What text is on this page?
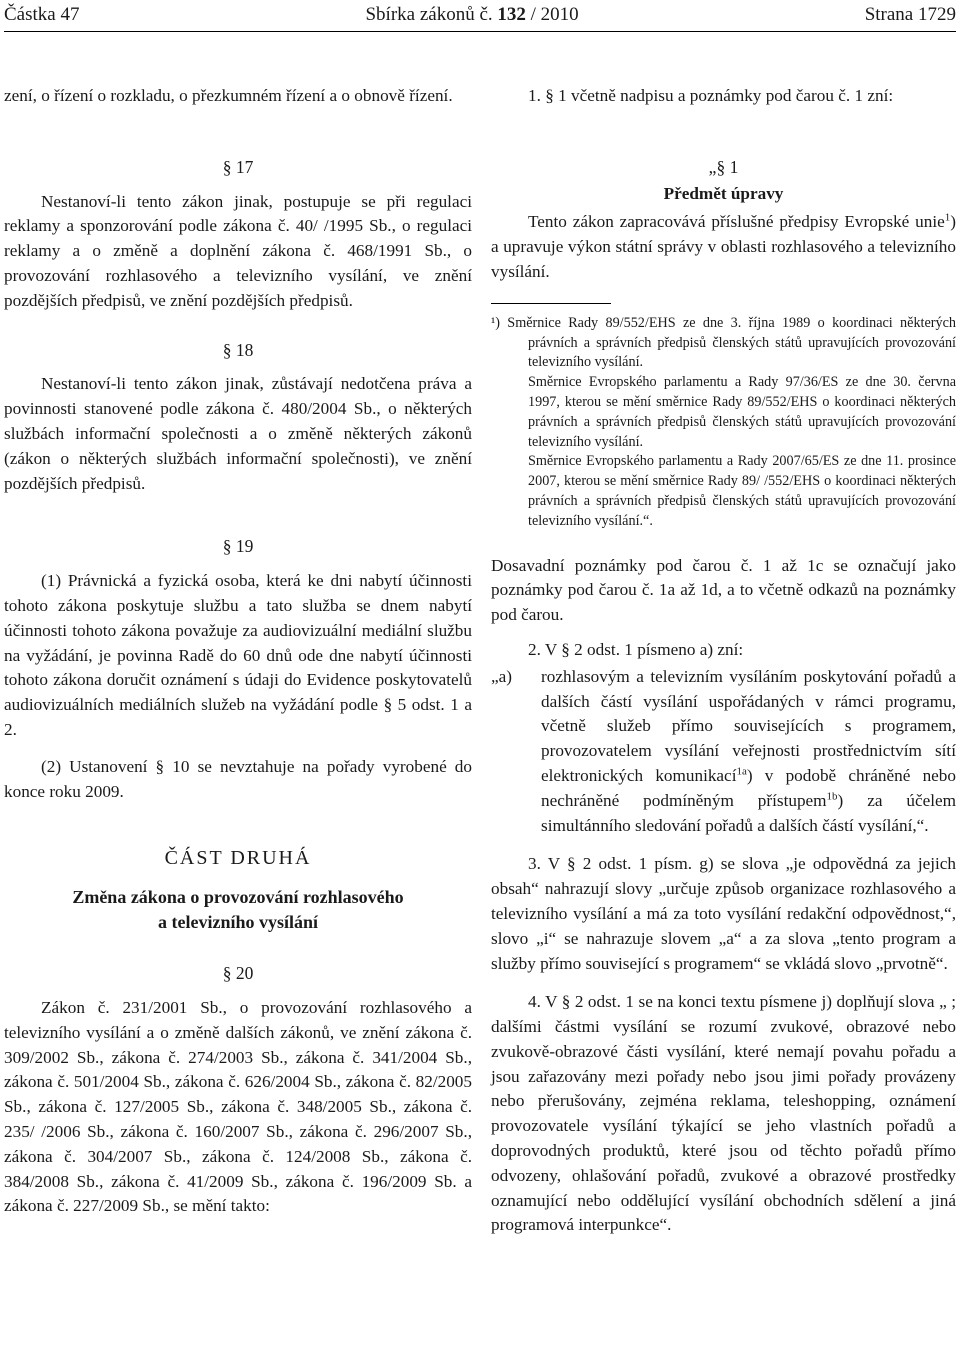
Částka 47	Sbírka zákonů č. 132 / 2010	Strana 1729

zení, o řízení o rozkladu, o přezkumném řízení a o obnově řízení.

§ 17

Nestanoví-li tento zákon jinak, postupuje se při regulaci reklamy a sponzorování podle zákona č. 40/ /1995 Sb., o regulaci reklamy a o změně a doplnění zákona č. 468/1991 Sb., o provozování rozhlasového a televizního vysílání, ve znění pozdějších předpisů, ve znění pozdějších předpisů.

§ 18

Nestanoví-li tento zákon jinak, zůstávají nedotčena práva a povinnosti stanovené podle zákona č. 480/2004 Sb., o některých službách informační společnosti a o změně některých zákonů (zákon o některých službách informační společnosti), ve znění pozdějších předpisů.

§ 19

(1) Právnická a fyzická osoba, která ke dni nabytí účinnosti tohoto zákona poskytuje službu a tato služba se dnem nabytí účinnosti tohoto zákona považuje za audiovizuální mediální službu na vyžádání, je povinna Radě do 60 dnů ode dne nabytí účinnosti tohoto zákona doručit oznámení s údaji do Evidence poskytovatelů audiovizuálních mediálních služeb na vyžádání podle § 5 odst. 1 a 2.

(2) Ustanovení § 10 se nevztahuje na pořady vyrobené do konce roku 2009.

ČÁST DRUHÁ
Změna zákona o provozování rozhlasového
a televizního vysílání
§ 20

Zákon č. 231/2001 Sb., o provozování rozhlasového a televizního vysílání a o změně dalších zákonů, ve znění zákona č. 309/2002 Sb., zákona č. 274/2003 Sb., zákona č. 341/2004 Sb., zákona č. 501/2004 Sb., zákona č. 626/2004 Sb., zákona č. 82/2005 Sb., zákona č. 127/2005 Sb., zákona č. 348/2005 Sb., zákona č. 235/ /2006 Sb., zákona č. 160/2007 Sb., zákona č. 296/2007 Sb., zákona č. 304/2007 Sb., zákona č. 124/2008 Sb., zákona č. 384/2008 Sb., zákona č. 41/2009 Sb., zákona č. 196/2009 Sb. a zákona č. 227/2009 Sb., se mění takto:

1. § 1 včetně nadpisu a poznámky pod čarou č. 1 zní:

„§ 1
Předmět úpravy

Tento zákon zapracovává příslušné předpisy Evropské unie$^1$) a upravuje výkon státní správy v oblasti rozhlasového a televizního vysílání.

¹) Směrnice Rady 89/552/EHS ze dne 3. října 1989 o koordinaci některých právních a správních předpisů členských států upravujících provozování televizního vysílání.
Směrnice Evropského parlamentu a Rady 97/36/ES ze dne 30. června 1997, kterou se mění směrnice Rady 89/552/EHS o koordinaci některých právních a správních předpisů členských států upravujících provozování televizního vysílání.
Směrnice Evropského parlamentu a Rady 2007/65/ES ze dne 11. prosince 2007, kterou se mění směrnice Rady 89/ /552/EHS o koordinaci některých právních a správních předpisů členských států upravujících provozování televizního vysílání.“.

Dosavadní poznámky pod čarou č. 1 až 1c se označují jako poznámky pod čarou č. 1a až 1d, a to včetně odkazů na poznámky pod čarou.

2. V § 2 odst. 1 písmeno a) zní:

„a)	rozhlasovým a televizním vysíláním poskytování pořadů a dalších částí vysílání uspořádaných v rámci programu, včetně služeb přímo souvisejících s programem, provozovatelem vysílání veřejnosti prostřednictvím sítí elektronických komunikací$^{1a}$) v podobě chráněné nebo nechráněné podmíněným přístupem$^{1b}$) za účelem simultánního sledování pořadů a dalších částí vysílání,“.

3. V § 2 odst. 1 písm. g) se slova „je odpovědná za jejich obsah“ nahrazují slovy „určuje způsob organizace rozhlasového a televizního vysílání a má za toto vysílání redakční odpovědnost,“, slovo „i“ se nahrazuje slovem „a“ a za slova „tento program a služby přímo související s programem“ se vkládá slovo „prvotně“.

4. V § 2 odst. 1 se na konci textu písmene j) doplňují slova „ ; dalšími částmi vysílání se rozumí zvukové, obrazové nebo zvukově-obrazové části vysílání, které nemají povahu pořadu a jsou zařazovány mezi pořady nebo jsou jimi pořady provázeny nebo přerušovány, zejména reklama, teleshopping, oznámení provozovatele vysílání týkající se jeho vlastních pořadů a doprovodných produktů, které jsou od těchto pořadů přímo odvozeny, ohlašování pořadů, zvukové a obrazové prostředky oznamující nebo oddělující vysílání obchodních sdělení a jiná programová interpunkce“.
